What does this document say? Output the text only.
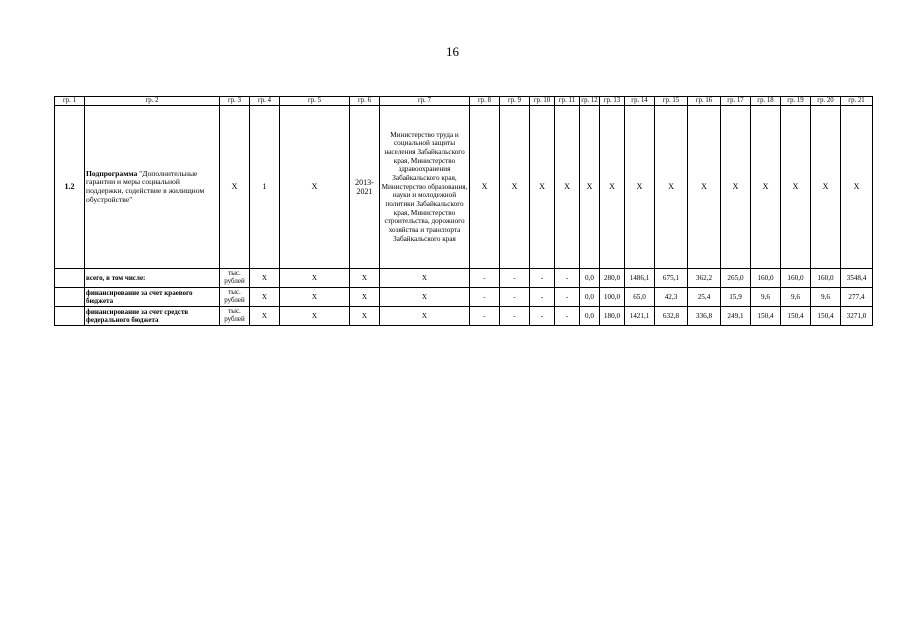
16
гр. 1	гр. 2	гр. 3	гр. 4	гр. 5	гр. 6	гр. 7	гр. 8	гр. 9	гр. 10	гр. 11	гр. 12	гр. 13	гр. 14	гр. 15	гр. 16	гр. 17	гр. 18	гр. 19	гр. 20	гр. 21
1.2	Подпрограмма "Дополнительные гарантии и меры социальной поддержки, содействие в жилищном обустройстве"	X	1	X	2013-2021	Министерство труда и социальной защиты населения Забайкальского края, Министерство здравоохранения Забайкальского края, Министерство образования, науки и молодежной политики Забайкальского края, Министерство строительства, дорожного хозяйства и транспорта Забайкальского края	X	X	X	X	X	X	X	X	X	X	X	X	X	X
	всего, в том числе:	тыс. рублей	X	X	X	X	-	-	-	-	0,0	280,0	1486,1	675,1	362,2	265,0	160,0	160,0	160,0	3548,4
	финансирование за счет краевого бюджета	тыс. рублей	X	X	X	X	-	-	-	-	0,0	100,0	65,0	42,3	25,4	15,9	9,6	9,6	9,6	277,4
	финансирование за счет средств федерального бюджета	тыс. рублей	X	X	X	X	-	-	-	-	0,0	180,0	1421,1	632,8	336,8	249,1	150,4	150,4	150,4	3271,0
